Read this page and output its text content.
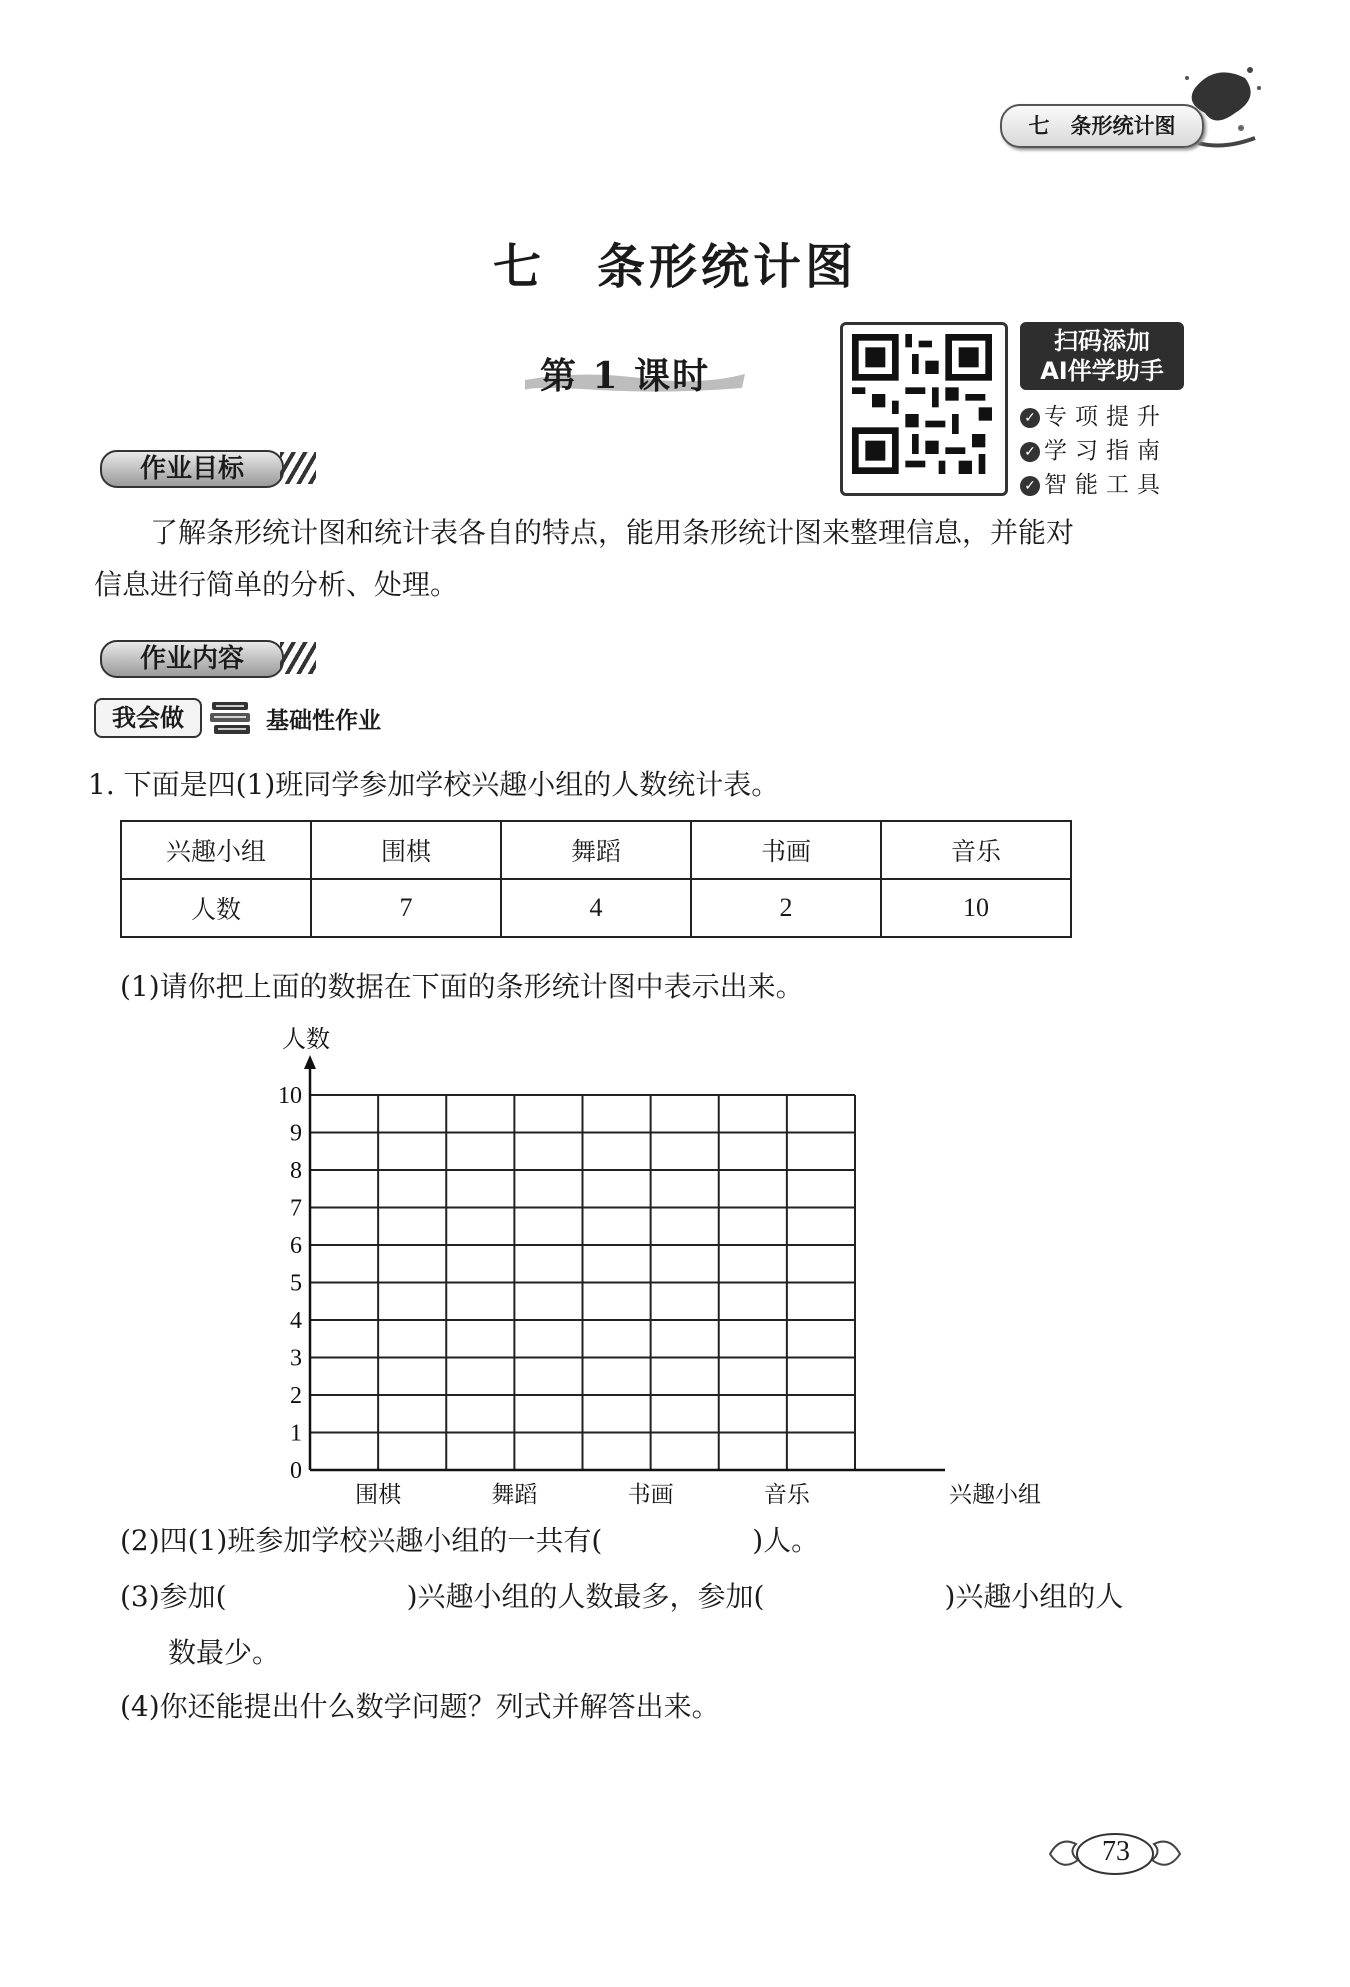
七　条形统计图
七　条形统计图
第 1 课时
扫码添加
AI伴学助手
✓ 专项提升
✓ 学习指南
✓ 智能工具
作业目标
了解条形统计图和统计表各自的特点，能用条形统计图来整理信息，并能对
信息进行简单的分析、处理。
作业内容
我会做	基础性作业
1. 下面是四(1)班同学参加学校兴趣小组的人数统计表。
兴趣小组	围棋	舞蹈	书画	音乐
人数	7	4	2	10
(1)请你把上面的数据在下面的条形统计图中表示出来。
0
1
2
3
4
5
6
7
8
9
10
人数
围棋	舞蹈	书画	音乐	兴趣小组
(2)四(1)班参加学校兴趣小组的一共有(	)人。
(3)参加(	)兴趣小组的人数最多，参加(	)兴趣小组的人
数最少。
(4)你还能提出什么数学问题？列式并解答出来。
73
